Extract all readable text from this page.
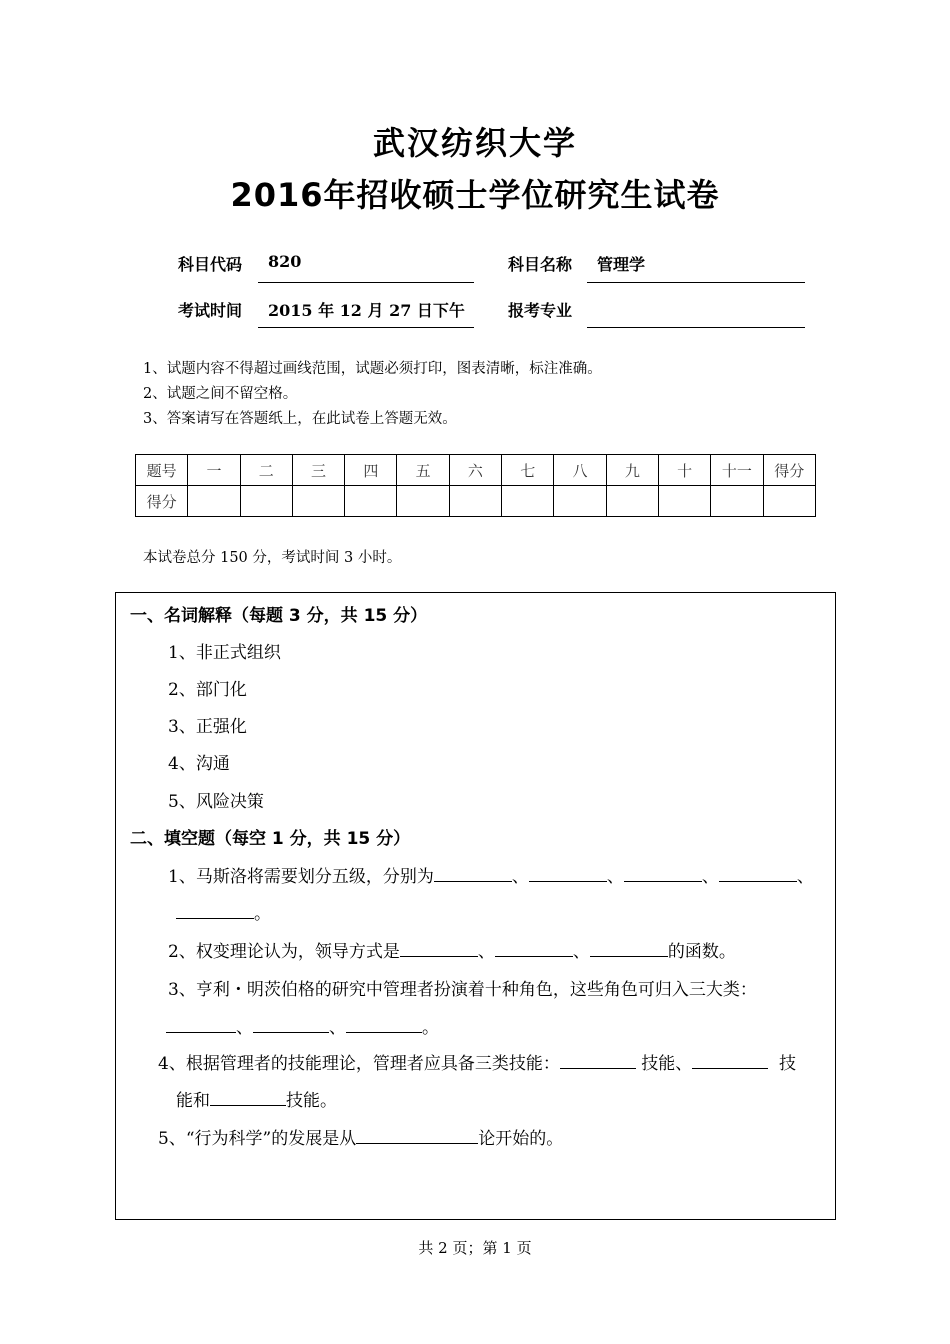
武汉纺织大学
2016年招收硕士学位研究生试卷
科目代码 820	科目名称 管理学
考试时间 2015 年 12 月 27 日下午	报考专业
1、试题内容不得超过画线范围，试题必须打印，图表清晰，标注准确。
2、试题之间不留空格。
3、答案请写在答题纸上，在此试卷上答题无效。
题号	一	二	三	四	五	六	七	八	九	十	十一	得分
得分												
本试卷总分 150 分，考试时间 3 小时。
一、名词解释（每题 3 分，共 15 分）
1、非正式组织
2、部门化
3、正强化
4、沟通
5、风险决策
二、填空题（每空 1 分，共 15 分）
1、马斯洛将需要划分五级，分别为	、	、	、	、
。
2、权变理论认为，领导方式是	、	、	的函数。
3、亨利・明茨伯格的研究中管理者扮演着十种角色，这些角色可归入三大类：
、	、	。
4、根据管理者的技能理论，管理者应具备三类技能：	技能、	技
能和	技能。
5、“行为科学”的发展是从	论开始的。
共 2 页；第 1 页
